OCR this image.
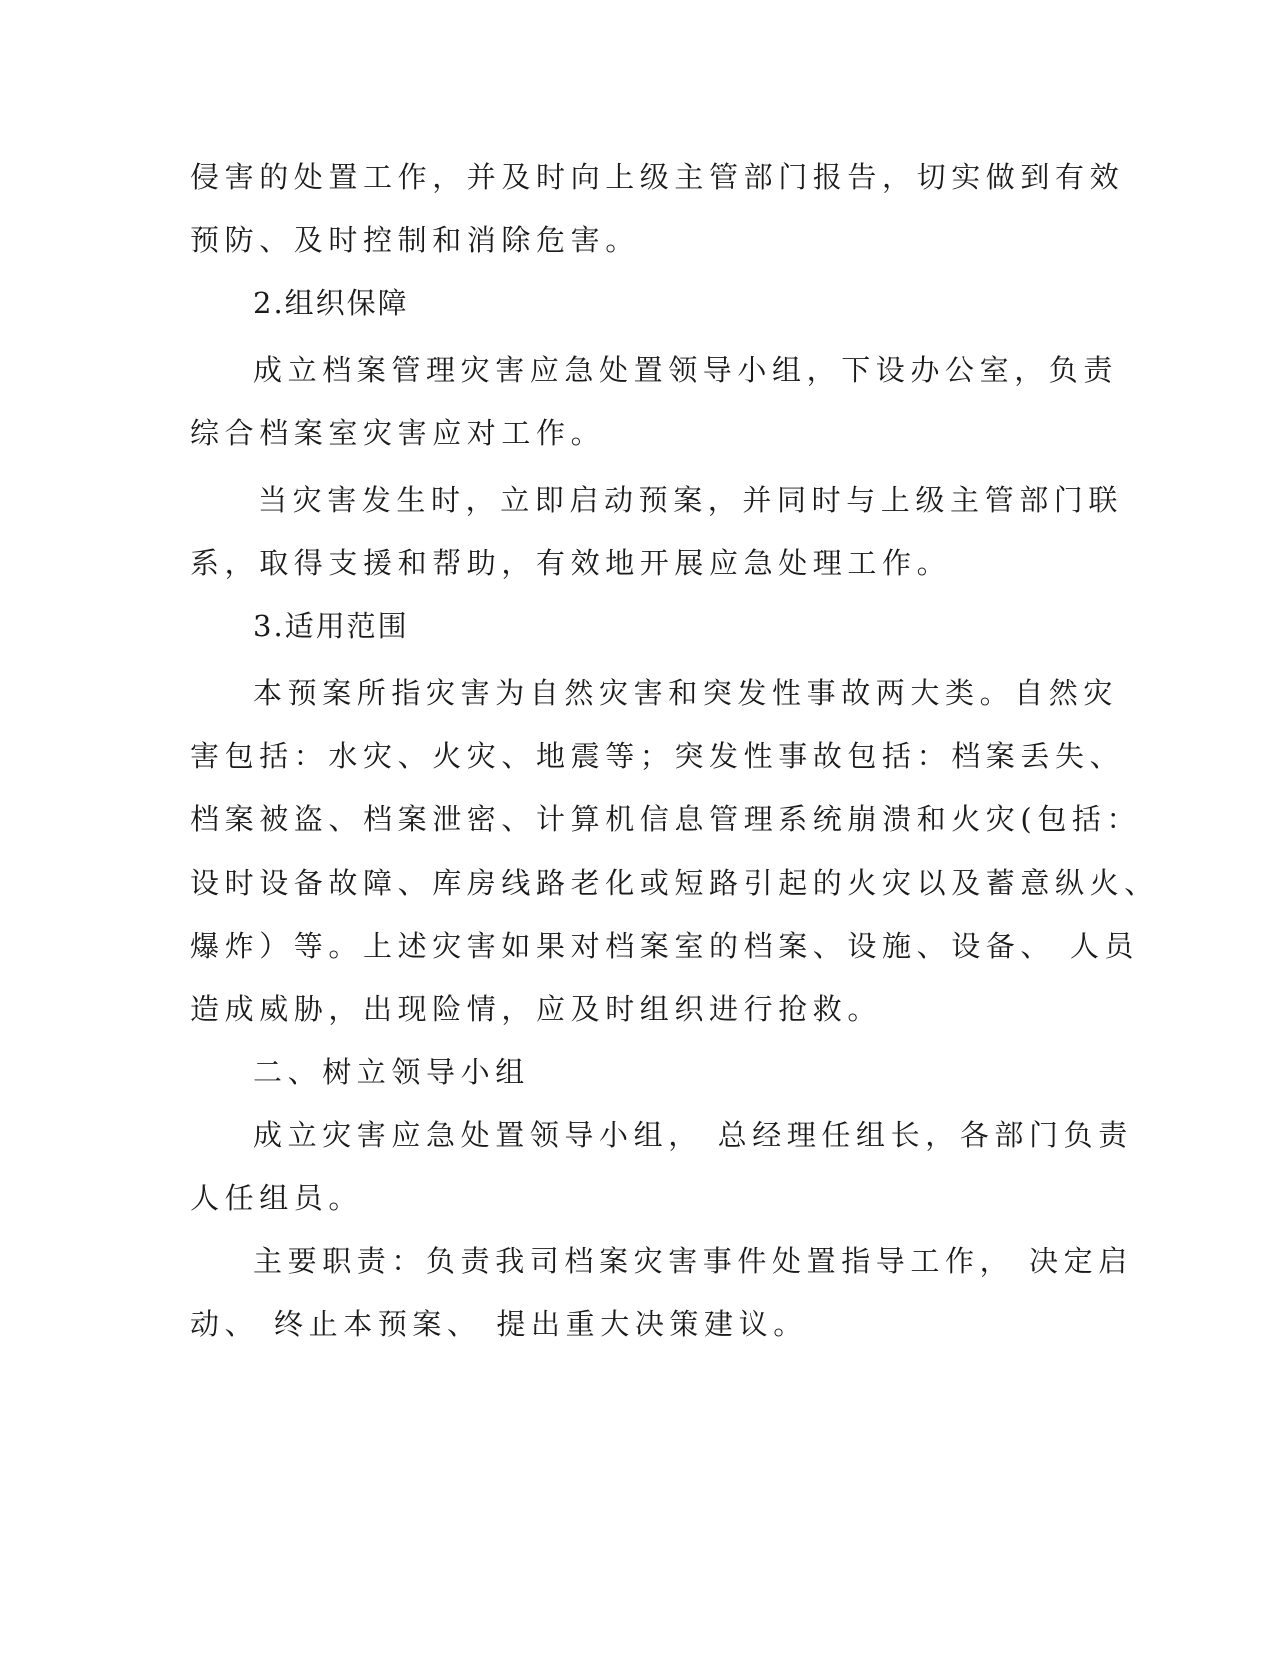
侵害的处置工作，并及时向上级主管部门报告，切实做到有效
预防、及时控制和消除危害。
2.组织保障
成立档案管理灾害应急处置领导小组，下设办公室，负责
综合档案室灾害应对工作。
当灾害发生时，立即启动预案，并同时与上级主管部门联
系，取得支援和帮助，有效地开展应急处理工作。
3.适用范围
本预案所指灾害为自然灾害和突发性事故两大类。自然灾
害包括：水灾、火灾、地震等；突发性事故包括：档案丢失、
档案被盗、档案泄密、计算机信息管理系统崩溃和火灾(包括：
设时设备故障、库房线路老化或短路引起的火灾以及蓄意纵火、
爆炸）等。上述灾害如果对档案室的档案、设施、设备、 人员
造成威胁，出现险情，应及时组织进行抢救。
二、树立领导小组
成立灾害应急处置领导小组， 总经理任组长，各部门负责
人任组员。
主要职责：负责我司档案灾害事件处置指导工作， 决定启
动、 终止本预案、 提出重大决策建议。
